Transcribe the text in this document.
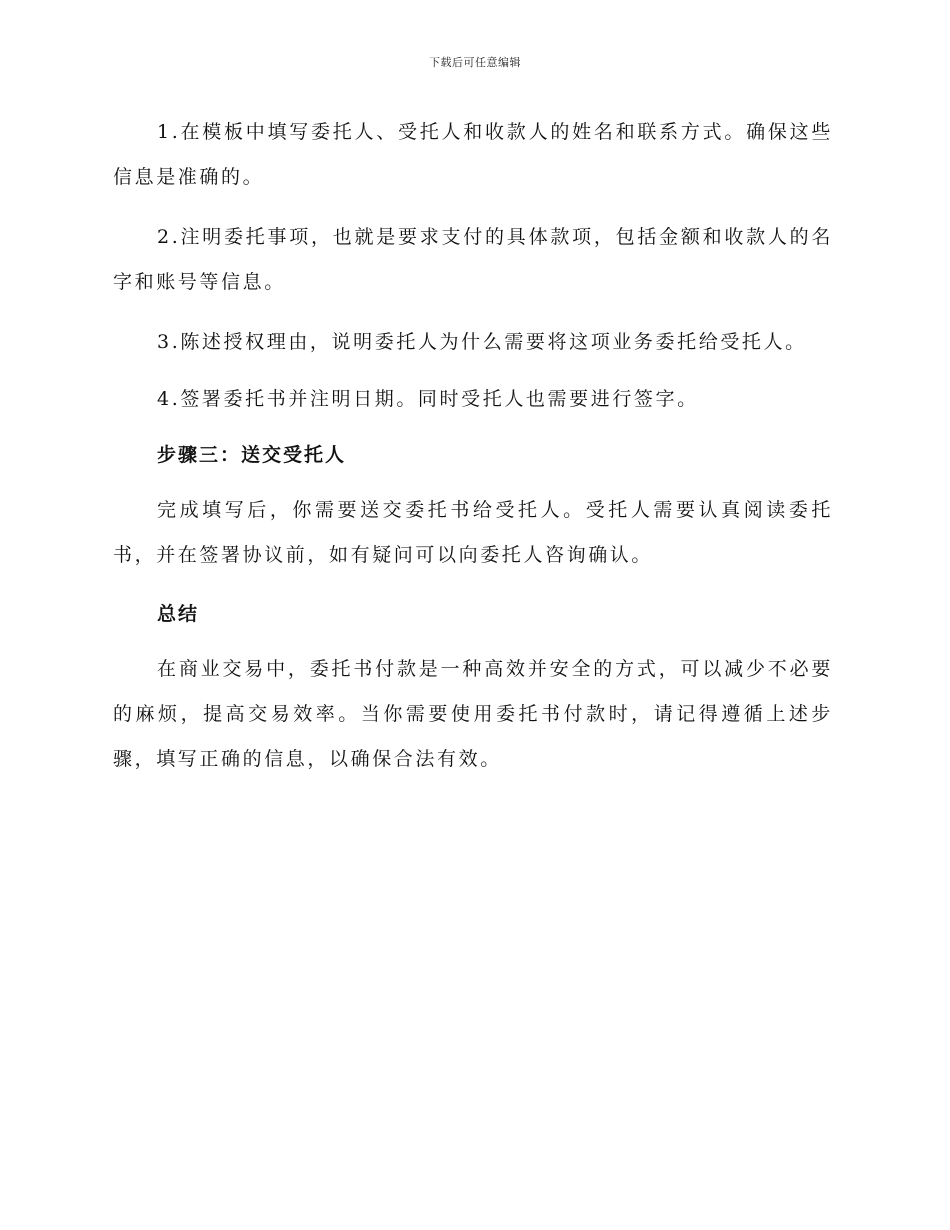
下载后可任意编辑

1.在模板中填写委托人、受托人和收款人的姓名和联系方式。确保这些信息是准确的。

2.注明委托事项，也就是要求支付的具体款项，包括金额和收款人的名字和账号等信息。

3.陈述授权理由，说明委托人为什么需要将这项业务委托给受托人。

4.签署委托书并注明日期。同时受托人也需要进行签字。

步骤三：送交受托人

完成填写后，你需要送交委托书给受托人。受托人需要认真阅读委托书，并在签署协议前，如有疑问可以向委托人咨询确认。

总结

在商业交易中，委托书付款是一种高效并安全的方式，可以减少不必要的麻烦，提高交易效率。当你需要使用委托书付款时，请记得遵循上述步骤，填写正确的信息，以确保合法有效。
